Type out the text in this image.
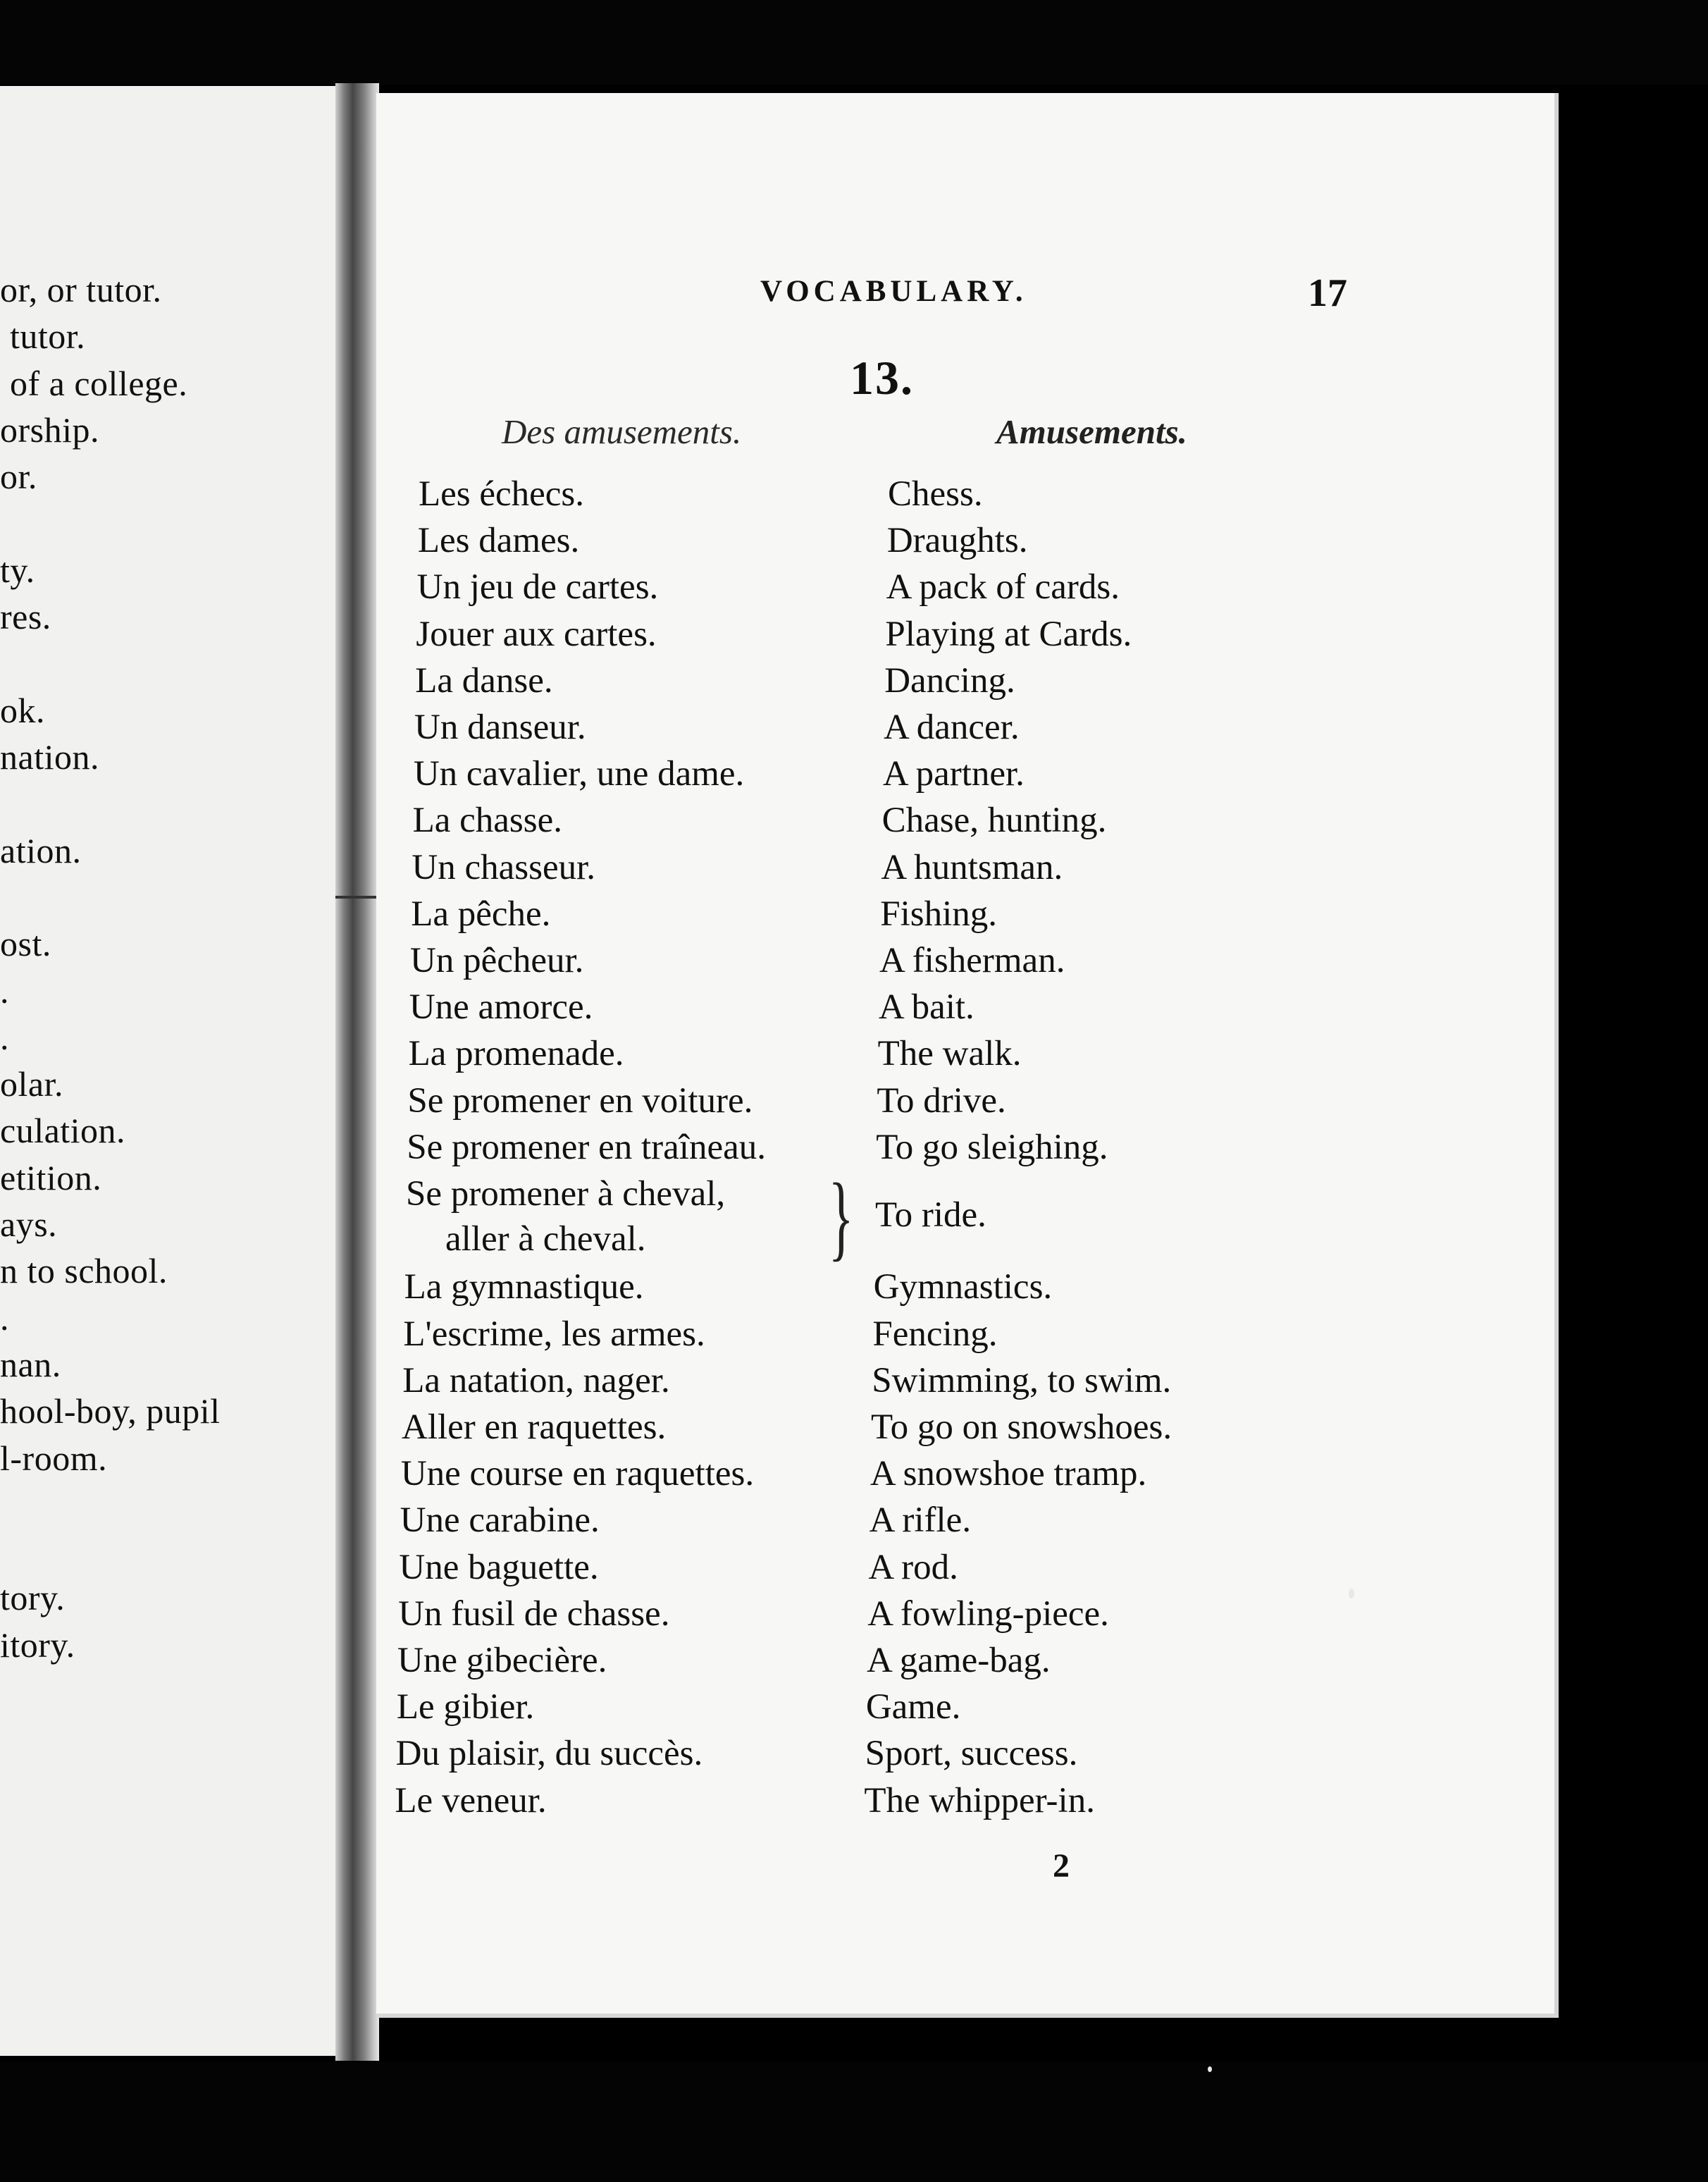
or, or tutor.
tutor.
of a college.
orship.
or.
ty.
res.
ok.
nation.
ation.
ost.
.
.
olar.
culation.
etition.
ays.
n to school.
.
nan.
hool-boy, pupil
l-room.
tory.
itory.
VOCABULARY.	17
13.
Des amusements.	Amusements.
Les échecs.	Chess.
Les dames.	Draughts.
Un jeu de cartes.	A pack of cards.
Jouer aux cartes.	Playing at Cards.
La danse.	Dancing.
Un danseur.	A dancer.
Un cavalier, une dame.	A partner.
La chasse.	Chase, hunting.
Un chasseur.	A huntsman.
La pêche.	Fishing.
Un pêcheur.	A fisherman.
Une amorce.	A bait.
La promenade.	The walk.
Se promener en voiture.	To drive.
Se promener en traîneau.	To go sleighing.
Se promener à cheval,
aller à cheval. } To ride.
La gymnastique.	Gymnastics.
L'escrime, les armes.	Fencing.
La natation, nager.	Swimming, to swim.
Aller en raquettes.	To go on snowshoes.
Une course en raquettes.	A snowshoe tramp.
Une carabine.	A rifle.
Une baguette.	A rod.
Un fusil de chasse.	A fowling-piece.
Une gibecière.	A game-bag.
Le gibier.	Game.
Du plaisir, du succès.	Sport, success.
Le veneur.	The whipper-in.
2
